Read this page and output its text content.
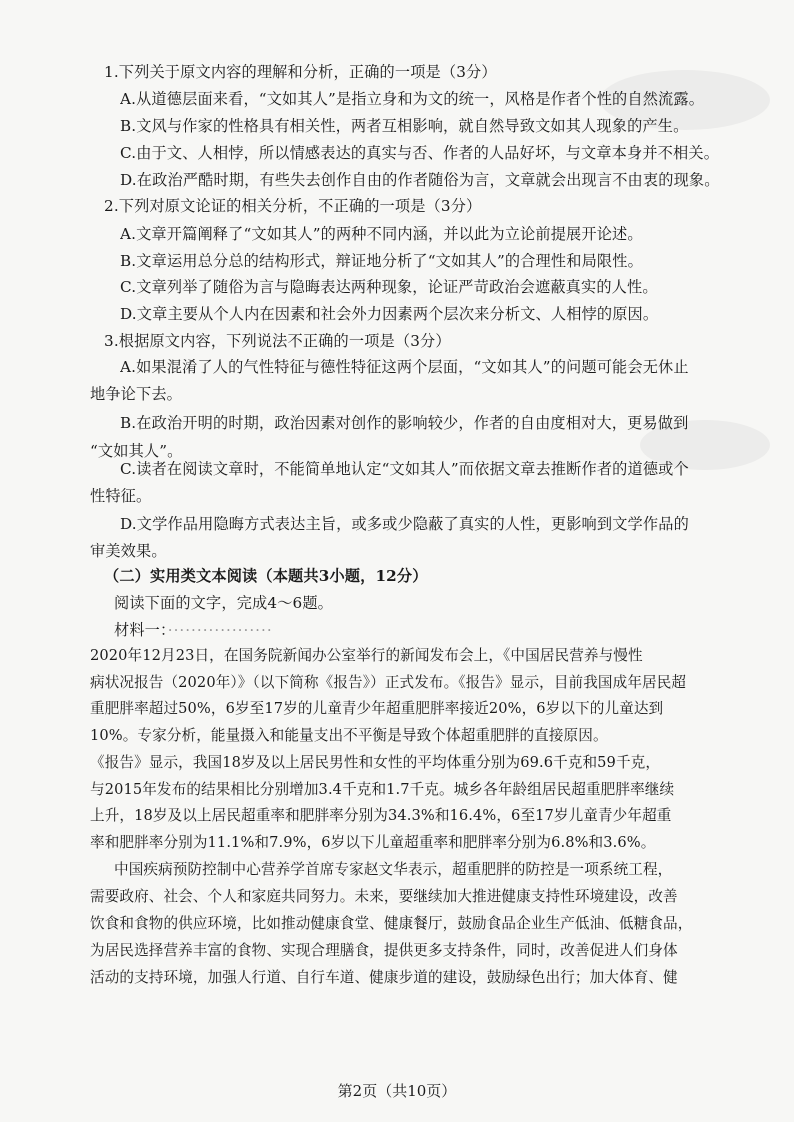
1.下列关于原文内容的理解和分析，正确的一项是（3分）
A.从道德层面来看，“文如其人”是指立身和为文的统一，风格是作者个性的自然流露。
B.文风与作家的性格具有相关性，两者互相影响，就自然导致文如其人现象的产生。
C.由于文、人相悖，所以情感表达的真实与否、作者的人品好坏，与文章本身并不相关。
D.在政治严酷时期，有些失去创作自由的作者随俗为言，文章就会出现言不由衷的现象。
2.下列对原文论证的相关分析，不正确的一项是（3分）
A.文章开篇阐释了“文如其人”的两种不同内涵，并以此为立论前提展开论述。
B.文章运用总分总的结构形式，辩证地分析了“文如其人”的合理性和局限性。
C.文章列举了随俗为言与隐晦表达两种现象，论证严苛政治会遮蔽真实的人性。
D.文章主要从个人内在因素和社会外力因素两个层次来分析文、人相悖的原因。
3.根据原文内容，下列说法不正确的一项是（3分）
A.如果混淆了人的气性特征与德性特征这两个层面，“文如其人”的问题可能会无休止
地争论下去。
B.在政治开明的时期，政治因素对创作的影响较少，作者的自由度相对大，更易做到
“文如其人”。
C.读者在阅读文章时，不能简单地认定“文如其人”而依据文章去推断作者的道德或个
性特征。
D.文学作品用隐晦方式表达主旨，或多或少隐蔽了真实的人性，更影响到文学作品的
审美效果。
（二）实用类文本阅读（本题共3小题，12分）
阅读下面的文字，完成4～6题。
材料一：··················
2020年12月23日，在国务院新闻办公室举行的新闻发布会上，《中国居民营养与慢性
病状况报告（2020年）》（以下简称《报告》）正式发布。《报告》显示，目前我国成年居民超
重肥胖率超过50%，6岁至17岁的儿童青少年超重肥胖率接近20%，6岁以下的儿童达到
10%。专家分析，能量摄入和能量支出不平衡是导致个体超重肥胖的直接原因。
《报告》显示，我国18岁及以上居民男性和女性的平均体重分别为69.6千克和59千克，
与2015年发布的结果相比分别增加3.4千克和1.7千克。城乡各年龄组居民超重肥胖率继续
上升，18岁及以上居民超重率和肥胖率分别为34.3%和16.4%，6至17岁儿童青少年超重
率和肥胖率分别为11.1%和7.9%，6岁以下儿童超重率和肥胖率分别为6.8%和3.6%。
中国疾病预防控制中心营养学首席专家赵文华表示，超重肥胖的防控是一项系统工程，
需要政府、社会、个人和家庭共同努力。未来，要继续加大推进健康支持性环境建设，改善
饮食和食物的供应环境，比如推动健康食堂、健康餐厅，鼓励食品企业生产低油、低糖食品，
为居民选择营养丰富的食物、实现合理膳食，提供更多支持条件，同时，改善促进人们身体
活动的支持环境，加强人行道、自行车道、健康步道的建设，鼓励绿色出行；加大体育、健
第2页（共10页）
